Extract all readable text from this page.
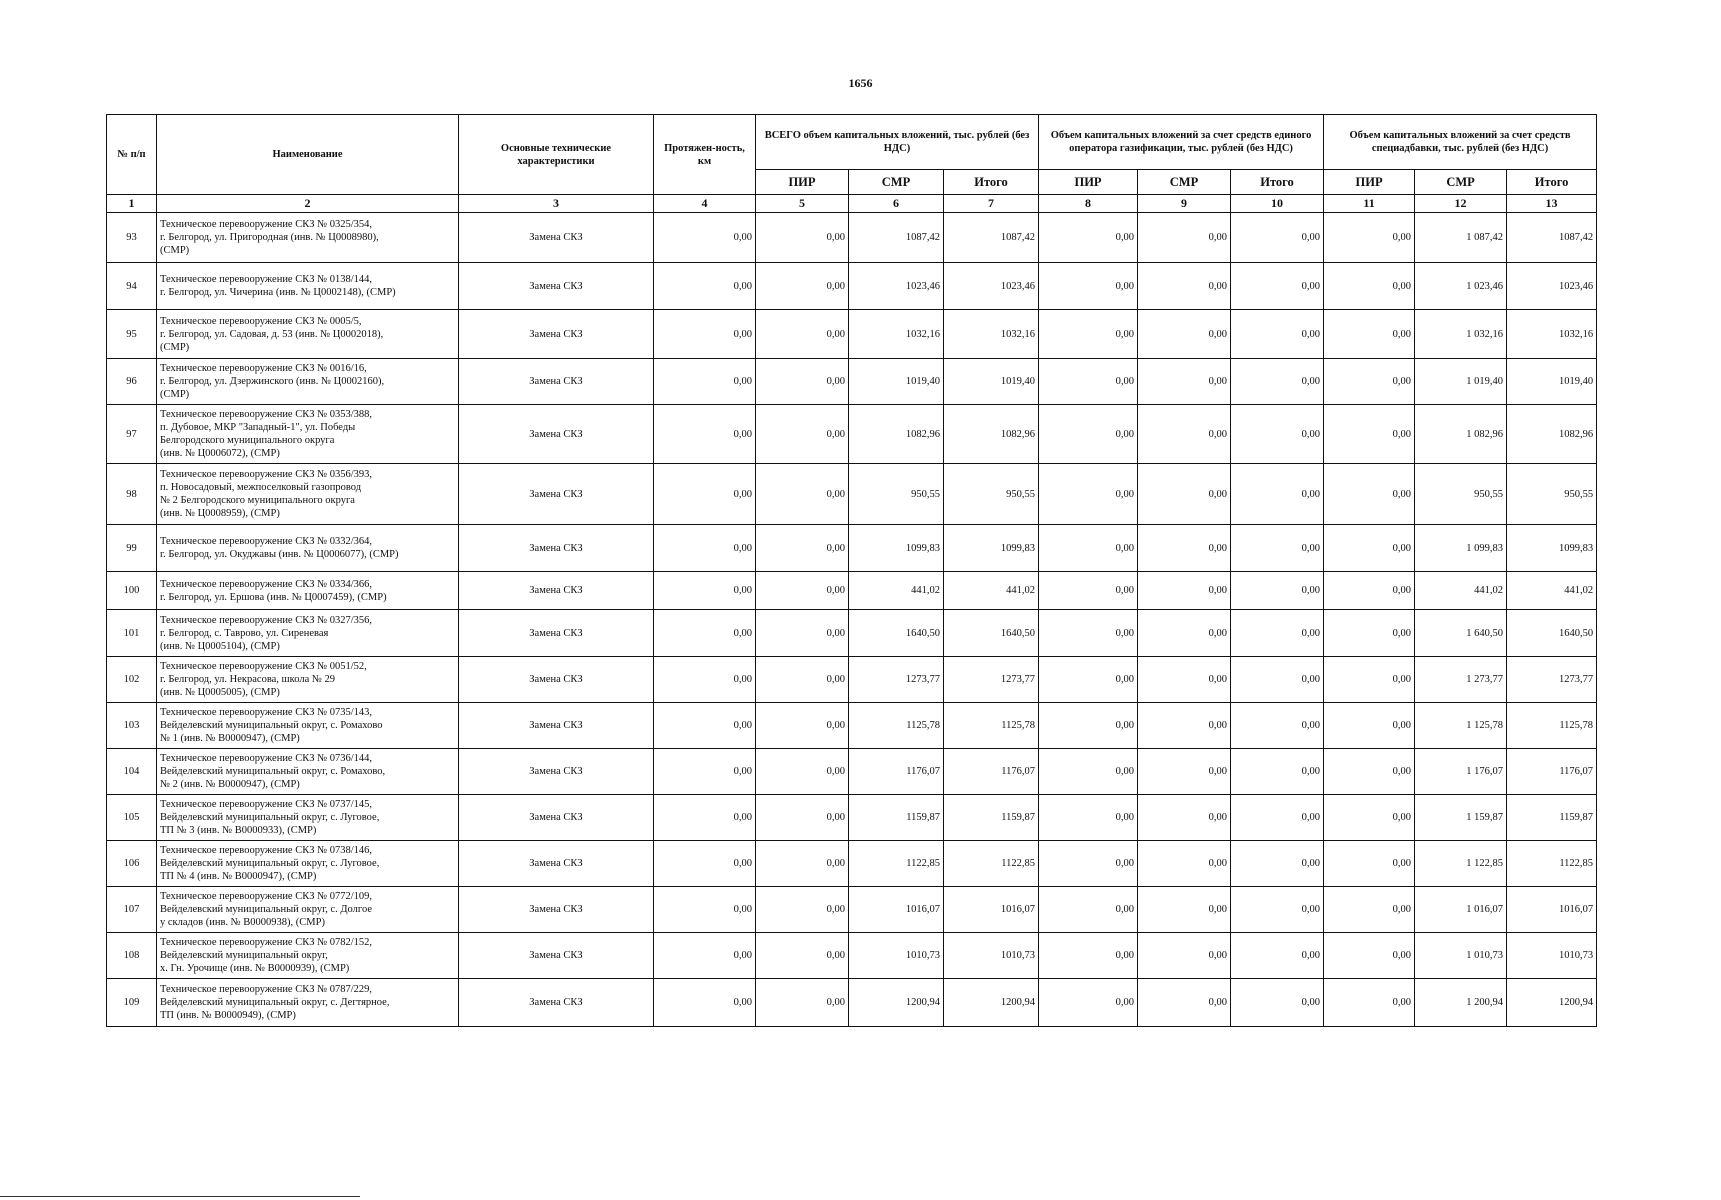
1656
№ п/п	Наименование	Основные технические характеристики	Протяжен-ность, км	ВСЕГО объем капитальных вложений, тыс. рублей (без НДС)			Объем капитальных вложений за счет средств единого оператора газификации, тыс. рублей (без НДС)			Объем капитальных вложений за счет средств специадбавки, тыс. рублей (без НДС)		
				ПИР	СМР	Итого	ПИР	СМР	Итого	ПИР	СМР	Итого
1	2	3	4	5	6	7	8	9	10	11	12	13
93	Техническое перевооружение СКЗ № 0325/354,
г. Белгород, ул. Пригородная (инв. № Ц0008980),
(СМР)	Замена СКЗ	0,00	0,00	1087,42	1087,42	0,00	0,00	0,00	0,00	1 087,42	1087,42
94	Техническое перевооружение СКЗ № 0138/144,
г. Белгород, ул. Чичерина (инв. № Ц0002148), (СМР)	Замена СКЗ	0,00	0,00	1023,46	1023,46	0,00	0,00	0,00	0,00	1 023,46	1023,46
95	Техническое перевооружение СКЗ № 0005/5,
г. Белгород, ул. Садовая, д. 53 (инв. № Ц0002018),
(СМР)	Замена СКЗ	0,00	0,00	1032,16	1032,16	0,00	0,00	0,00	0,00	1 032,16	1032,16
96	Техническое перевооружение СКЗ № 0016/16,
г. Белгород, ул. Дзержинского (инв. № Ц0002160),
(СМР)	Замена СКЗ	0,00	0,00	1019,40	1019,40	0,00	0,00	0,00	0,00	1 019,40	1019,40
97	Техническое перевооружение СКЗ № 0353/388,
п. Дубовое, МКР "Западный-1", ул. Победы
Белгородского муниципального округа
(инв. № Ц0006072), (СМР)	Замена СКЗ	0,00	0,00	1082,96	1082,96	0,00	0,00	0,00	0,00	1 082,96	1082,96
98	Техническое перевооружение СКЗ № 0356/393,
п. Новосадовый, межпоселковый газопровод
№ 2 Белгородского муниципального округа
(инв. № Ц0008959), (СМР)	Замена СКЗ	0,00	0,00	950,55	950,55	0,00	0,00	0,00	0,00	950,55	950,55
99	Техническое перевооружение СКЗ № 0332/364,
г. Белгород, ул. Окуджавы (инв. № Ц0006077), (СМР)	Замена СКЗ	0,00	0,00	1099,83	1099,83	0,00	0,00	0,00	0,00	1 099,83	1099,83
100	Техническое перевооружение СКЗ № 0334/366,
г. Белгород, ул. Ершова (инв. № Ц0007459), (СМР)	Замена СКЗ	0,00	0,00	441,02	441,02	0,00	0,00	0,00	0,00	441,02	441,02
101	Техническое перевооружение СКЗ № 0327/356,
г. Белгород, с. Таврово, ул. Сиреневая
(инв. № Ц0005104), (СМР)	Замена СКЗ	0,00	0,00	1640,50	1640,50	0,00	0,00	0,00	0,00	1 640,50	1640,50
102	Техническое перевооружение СКЗ № 0051/52,
г. Белгород, ул. Некрасова, школа № 29
(инв. № Ц0005005), (СМР)	Замена СКЗ	0,00	0,00	1273,77	1273,77	0,00	0,00	0,00	0,00	1 273,77	1273,77
103	Техническое перевооружение СКЗ № 0735/143,
Вейделевский муниципальный округ, с. Ромахово
№ 1 (инв. № В0000947), (СМР)	Замена СКЗ	0,00	0,00	1125,78	1125,78	0,00	0,00	0,00	0,00	1 125,78	1125,78
104	Техническое перевооружение СКЗ № 0736/144,
Вейделевский муниципальный округ, с. Ромахово,
№ 2 (инв. № В0000947), (СМР)	Замена СКЗ	0,00	0,00	1176,07	1176,07	0,00	0,00	0,00	0,00	1 176,07	1176,07
105	Техническое перевооружение СКЗ № 0737/145,
Вейделевский муниципальный округ, с. Луговое,
ТП № 3 (инв. № В0000933), (СМР)	Замена СКЗ	0,00	0,00	1159,87	1159,87	0,00	0,00	0,00	0,00	1 159,87	1159,87
106	Техническое перевооружение СКЗ № 0738/146,
Вейделевский муниципальный округ, с. Луговое,
ТП № 4 (инв. № В0000947), (СМР)	Замена СКЗ	0,00	0,00	1122,85	1122,85	0,00	0,00	0,00	0,00	1 122,85	1122,85
107	Техническое перевооружение СКЗ № 0772/109,
Вейделевский муниципальный округ, с. Долгое
у складов (инв. № В0000938), (СМР)	Замена СКЗ	0,00	0,00	1016,07	1016,07	0,00	0,00	0,00	0,00	1 016,07	1016,07
108	Техническое перевооружение СКЗ № 0782/152,
Вейделевский муниципальный округ,
х. Гн. Урочище (инв. № В0000939), (СМР)	Замена СКЗ	0,00	0,00	1010,73	1010,73	0,00	0,00	0,00	0,00	1 010,73	1010,73
109	Техническое перевооружение СКЗ № 0787/229,
Вейделевский муниципальный округ, с. Дегтярное,
ТП (инв. № В0000949), (СМР)	Замена СКЗ	0,00	0,00	1200,94	1200,94	0,00	0,00	0,00	0,00	1 200,94	1200,94
